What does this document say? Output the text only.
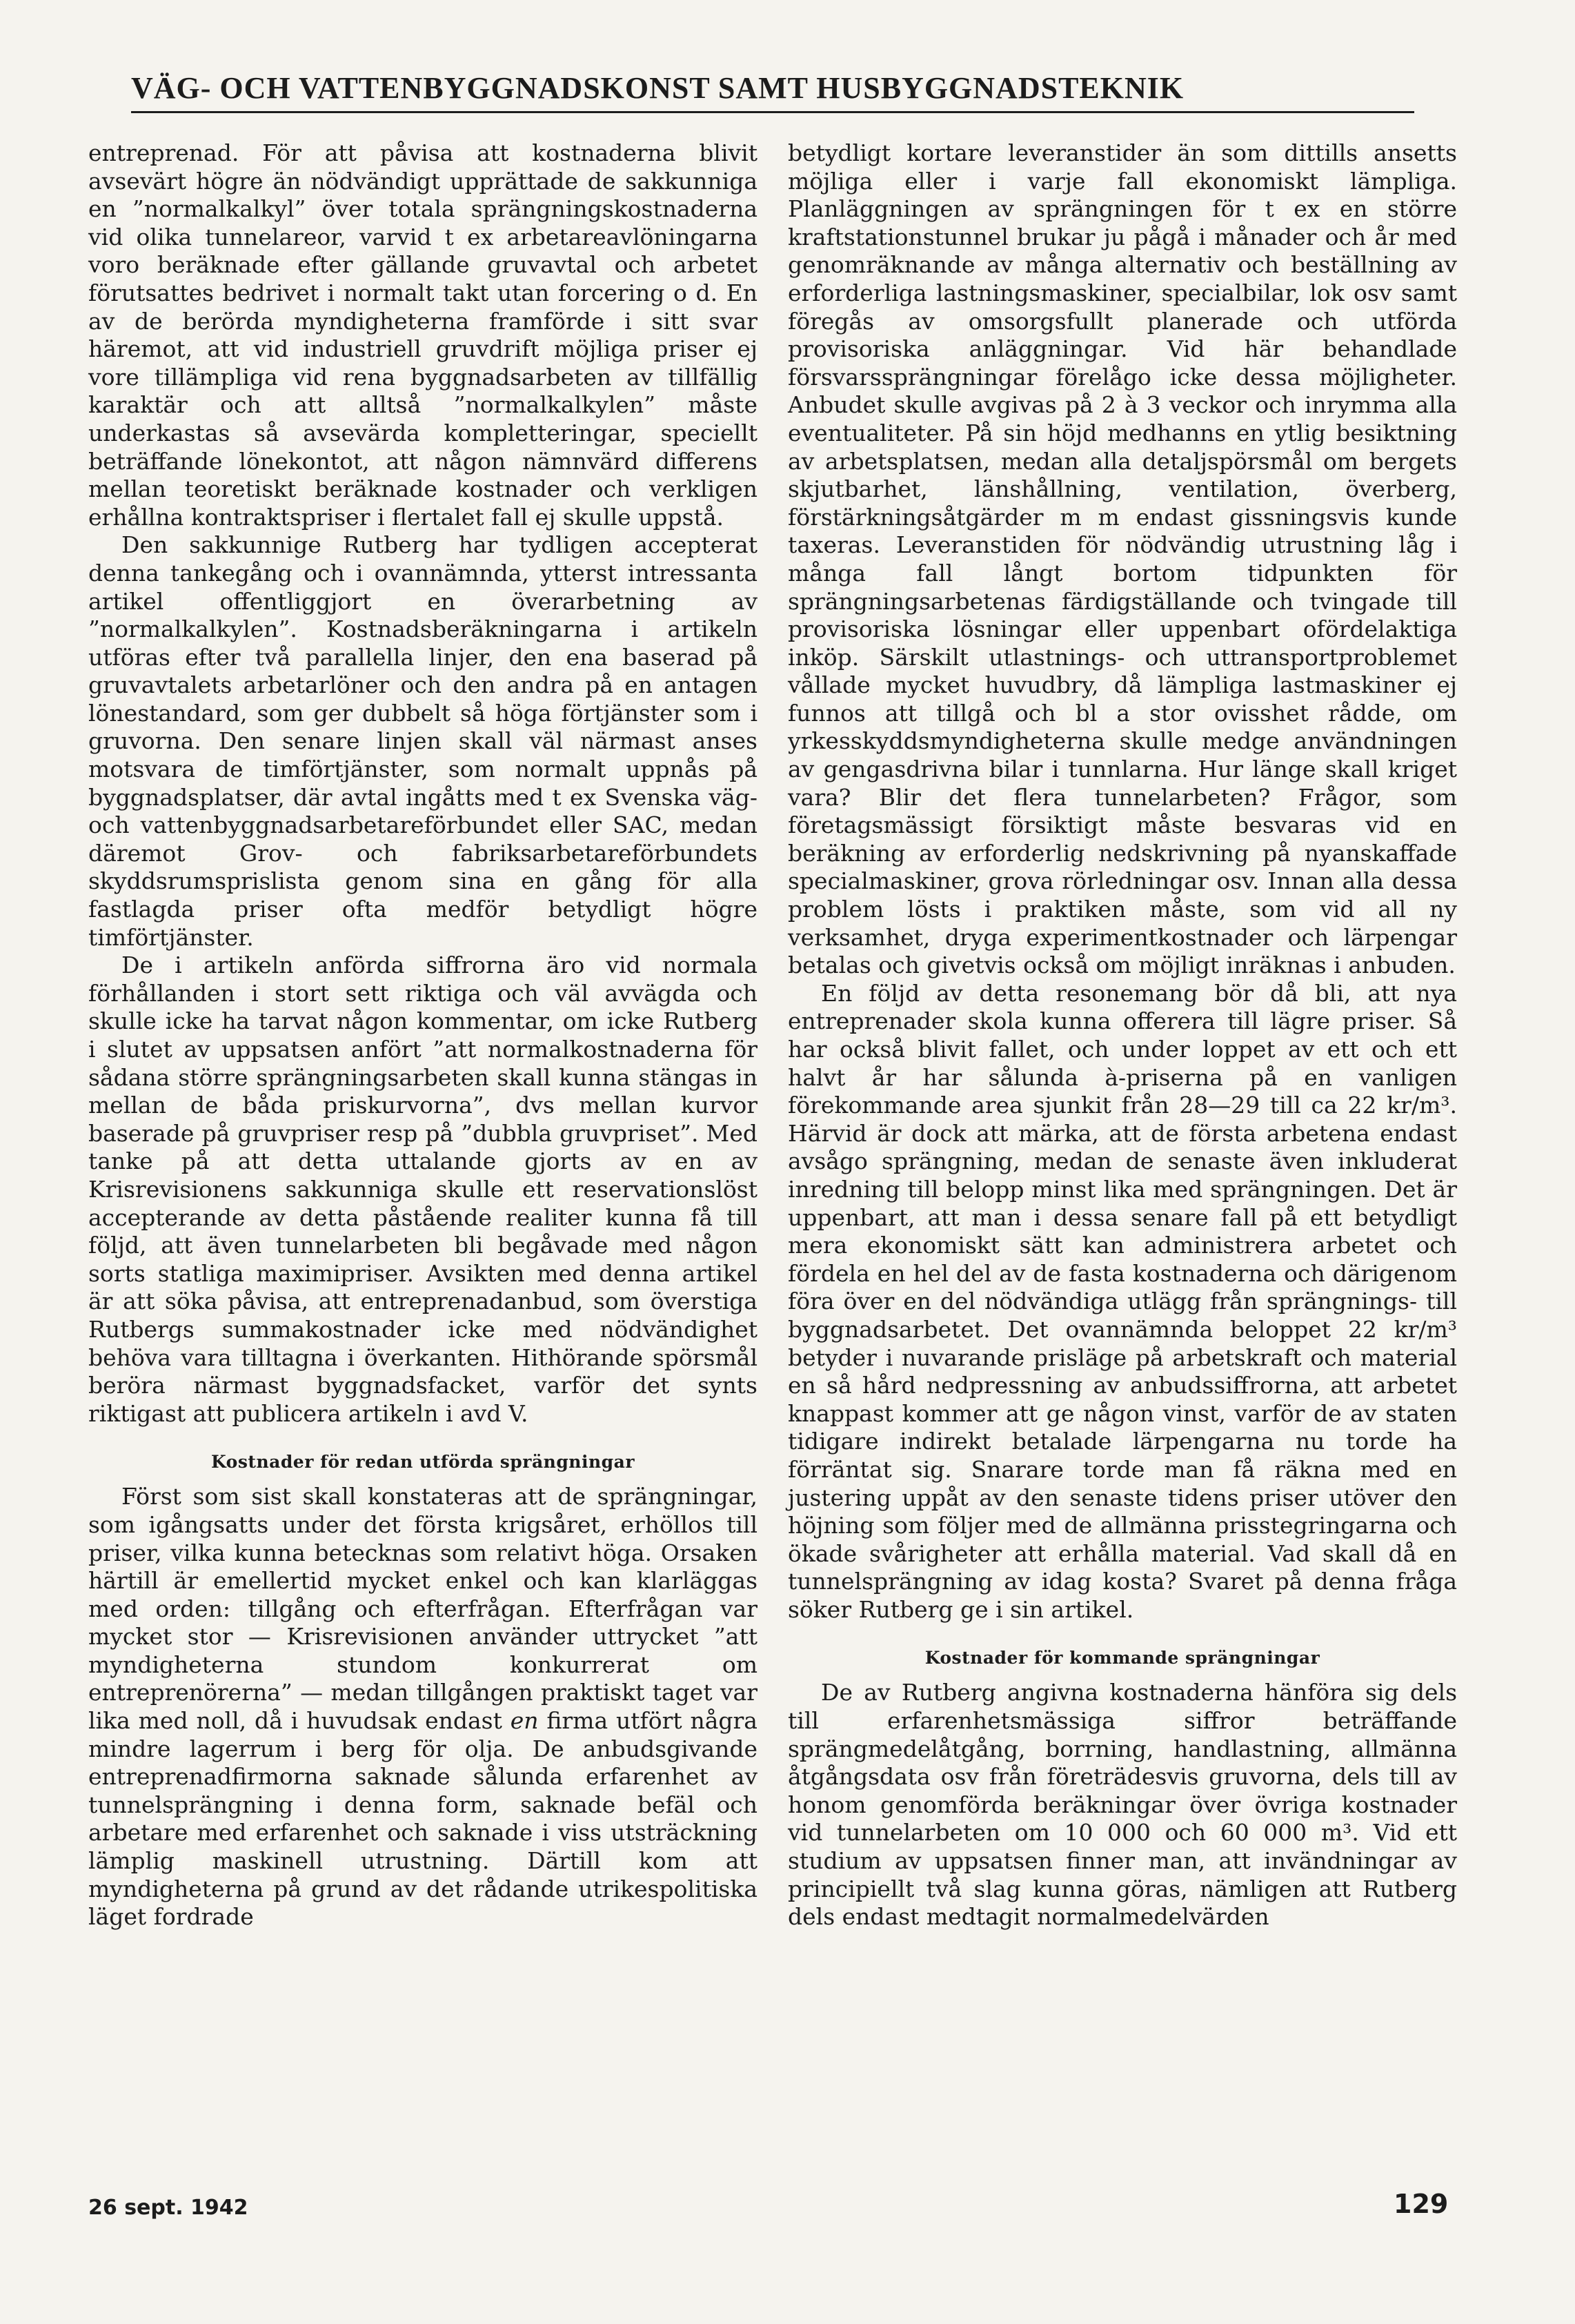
VÄG- OCH VATTENBYGGNADSKONST SAMT HUSBYGGNADSTEKNIK

entreprenad. För att påvisa att kostnaderna blivit avsevärt högre än nödvändigt upprättade de sakkunniga en ”normalkalkyl” över totala sprängningskostnaderna vid olika tunnelareor, varvid t ex arbetareavlöningarna voro beräknade efter gällande gruvavtal och arbetet förutsattes bedrivet i normalt takt utan forcering o d. En av de berörda myndigheterna framförde i sitt svar häremot, att vid industriell gruvdrift möjliga priser ej vore tillämpliga vid rena byggnadsarbeten av tillfällig karaktär och att alltså ”normalkalkylen” måste underkastas så avsevärda kompletteringar, speciellt beträffande lönekontot, att någon nämnvärd differens mellan teoretiskt beräknade kostnader och verkligen erhållna kontraktspriser i flertalet fall ej skulle uppstå.

Den sakkunnige Rutberg har tydligen accepterat denna tankegång och i ovannämnda, ytterst intressanta artikel offentliggjort en överarbetning av ”normalkalkylen”. Kostnadsberäkningarna i artikeln utföras efter två parallella linjer, den ena baserad på gruvavtalets arbetarlöner och den andra på en antagen lönestandard, som ger dubbelt så höga förtjänster som i gruvorna. Den senare linjen skall väl närmast anses motsvara de timförtjänster, som normalt uppnås på byggnadsplatser, där avtal ingåtts med t ex Svenska väg- och vattenbyggnadsarbetareförbundet eller SAC, medan däremot Grov- och fabriksarbetareförbundets skyddsrumsprislista genom sina en gång för alla fastlagda priser ofta medför betydligt högre timförtjänster.

De i artikeln anförda siffrorna äro vid normala förhållanden i stort sett riktiga och väl avvägda och skulle icke ha tarvat någon kommentar, om icke Rutberg i slutet av uppsatsen anfört ”att normalkostnaderna för sådana större sprängningsarbeten skall kunna stängas in mellan de båda priskurvorna”, dvs mellan kurvor baserade på gruvpriser resp på ”dubbla gruvpriset”. Med tanke på att detta uttalande gjorts av en av Krisrevisionens sakkunniga skulle ett reservationslöst accepterande av detta påstående realiter kunna få till följd, att även tunnelarbeten bli begåvade med någon sorts statliga maximipriser. Avsikten med denna artikel är att söka påvisa, att entreprenadanbud, som överstiga Rutbergs summakostnader icke med nödvändighet behöva vara tilltagna i överkanten. Hithörande spörsmål beröra närmast byggnadsfacket, varför det synts riktigast att publicera artikeln i avd V.

Kostnader för redan utförda sprängningar

Först som sist skall konstateras att de sprängningar, som igångsatts under det första krigsåret, erhöllos till priser, vilka kunna betecknas som relativt höga. Orsaken härtill är emellertid mycket enkel och kan klarläggas med orden: tillgång och efterfrågan. Efterfrågan var mycket stor — Krisrevisionen använder uttrycket ”att myndigheterna stundom konkurrerat om entreprenörerna” — medan tillgången praktiskt taget var lika med noll, då i huvudsak endast en firma utfört några mindre lagerrum i berg för olja. De anbudsgivande entreprenadfirmorna saknade sålunda erfarenhet av tunnelsprängning i denna form, saknade befäl och arbetare med erfarenhet och saknade i viss utsträckning lämplig maskinell utrustning. Därtill kom att myndigheterna på grund av det rådande utrikespolitiska läget fordrade

betydligt kortare leveranstider än som dittills ansetts möjliga eller i varje fall ekonomiskt lämpliga. Planläggningen av sprängningen för t ex en större kraftstationstunnel brukar ju pågå i månader och år med genomräknande av många alternativ och beställning av erforderliga lastningsmaskiner, specialbilar, lok osv samt föregås av omsorgsfullt planerade och utförda provisoriska anläggningar. Vid här behandlade försvarssprängningar förelågo icke dessa möjligheter. Anbudet skulle avgivas på 2 à 3 veckor och inrymma alla eventualiteter. På sin höjd medhanns en ytlig besiktning av arbetsplatsen, medan alla detaljspörsmål om bergets skjutbarhet, länshållning, ventilation, överberg, förstärkningsåtgärder m m endast gissningsvis kunde taxeras. Leveranstiden för nödvändig utrustning låg i många fall långt bortom tidpunkten för sprängningsarbetenas färdigställande och tvingade till provisoriska lösningar eller uppenbart ofördelaktiga inköp. Särskilt utlastnings- och uttransportproblemet vållade mycket huvudbry, då lämpliga lastmaskiner ej funnos att tillgå och bl a stor ovisshet rådde, om yrkesskyddsmyndigheterna skulle medge användningen av gengasdrivna bilar i tunnlarna. Hur länge skall kriget vara? Blir det flera tunnelarbeten? Frågor, som företagsmässigt försiktigt måste besvaras vid en beräkning av erforderlig nedskrivning på nyanskaffade specialmaskiner, grova rörledningar osv. Innan alla dessa problem lösts i praktiken måste, som vid all ny verksamhet, dryga experimentkostnader och lärpengar betalas och givetvis också om möjligt inräknas i anbuden.

En följd av detta resonemang bör då bli, att nya entreprenader skola kunna offerera till lägre priser. Så har också blivit fallet, och under loppet av ett och ett halvt år har sålunda à-priserna på en vanligen förekommande area sjunkit från 28—29 till ca 22 kr/m³. Härvid är dock att märka, att de första arbetena endast avsågo sprängning, medan de senaste även inkluderat inredning till belopp minst lika med sprängningen. Det är uppenbart, att man i dessa senare fall på ett betydligt mera ekonomiskt sätt kan administrera arbetet och fördela en hel del av de fasta kostnaderna och därigenom föra över en del nödvändiga utlägg från sprängnings- till byggnadsarbetet. Det ovannämnda beloppet 22 kr/m³ betyder i nuvarande prisläge på arbetskraft och material en så hård nedpressning av anbudssiffrorna, att arbetet knappast kommer att ge någon vinst, varför de av staten tidigare indirekt betalade lärpengarna nu torde ha förräntat sig. Snarare torde man få räkna med en justering uppåt av den senaste tidens priser utöver den höjning som följer med de allmänna prisstegringarna och ökade svårigheter att erhålla material. Vad skall då en tunnelsprängning av idag kosta? Svaret på denna fråga söker Rutberg ge i sin artikel.

Kostnader för kommande sprängningar

De av Rutberg angivna kostnaderna hänföra sig dels till erfarenhetsmässiga siffror beträffande sprängmedelåtgång, borrning, handlastning, allmänna åtgångsdata osv från företrädesvis gruvorna, dels till av honom genomförda beräkningar över övriga kostnader vid tunnelarbeten om 10 000 och 60 000 m³. Vid ett studium av uppsatsen finner man, att invändningar av principiellt två slag kunna göras, nämligen att Rutberg dels endast medtagit normalmedelvärden

26 sept. 1942	129
